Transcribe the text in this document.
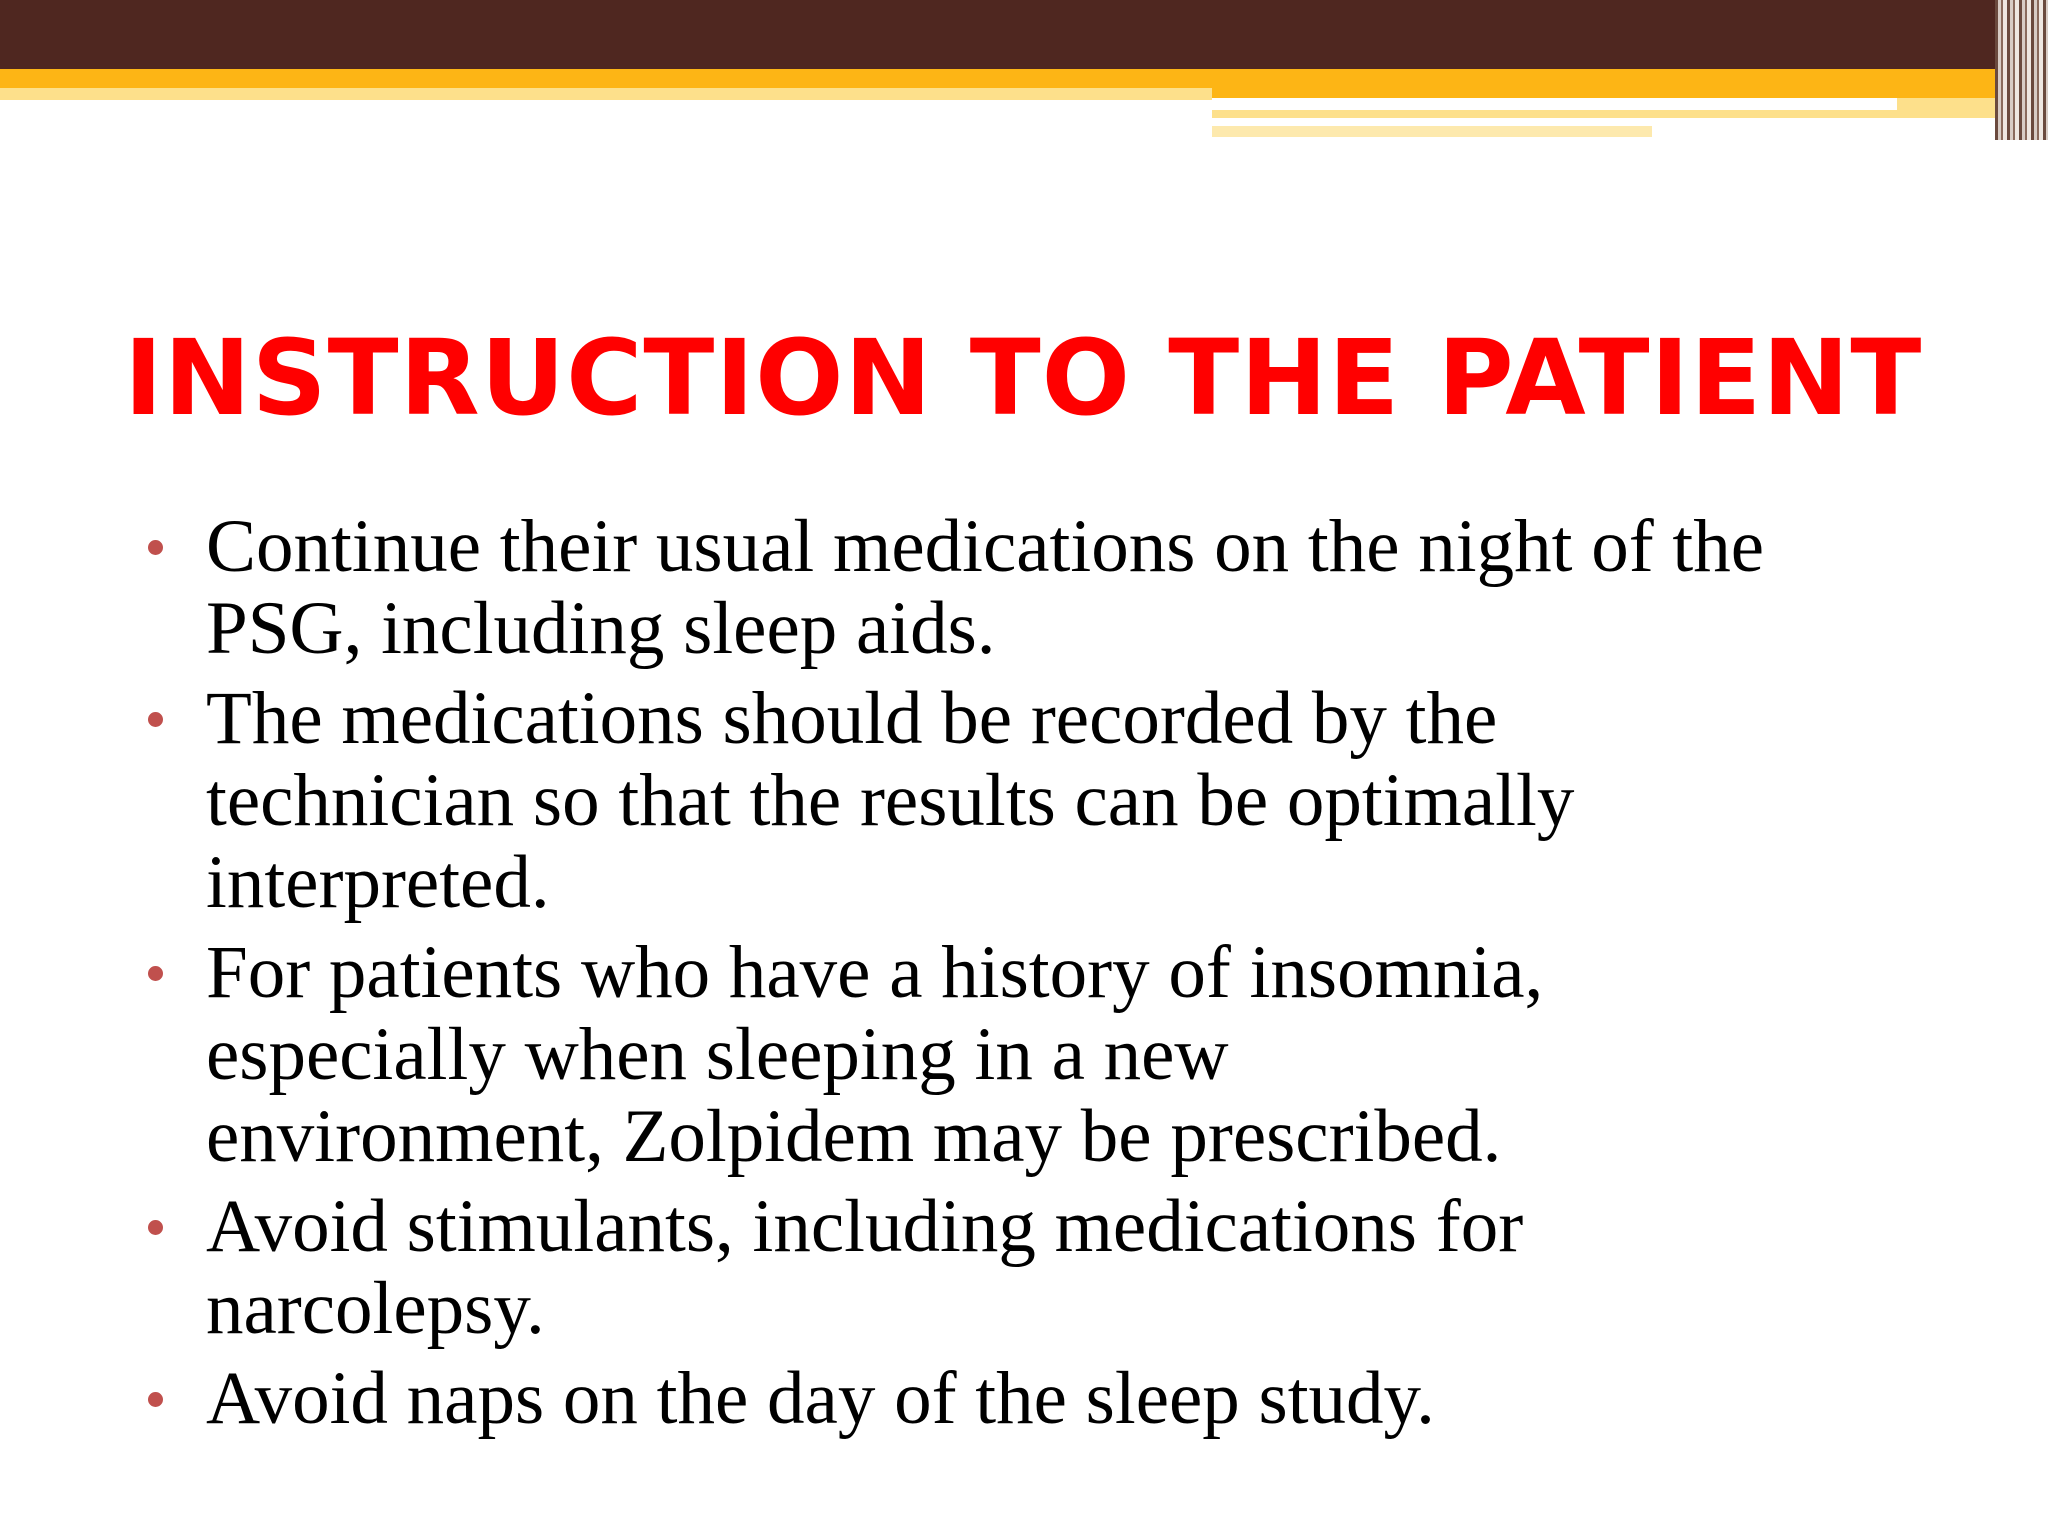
INSTRUCTION TO THE PATIENT
Continue their usual medications on the night of the
PSG, including sleep aids.
The medications should be recorded by the
technician so that the results can be optimally
interpreted.
For patients who have a history of insomnia,
especially when sleeping in a new
environment, Zolpidem may be prescribed.
Avoid stimulants, including medications for
narcolepsy.
Avoid naps on the day of the sleep study.
